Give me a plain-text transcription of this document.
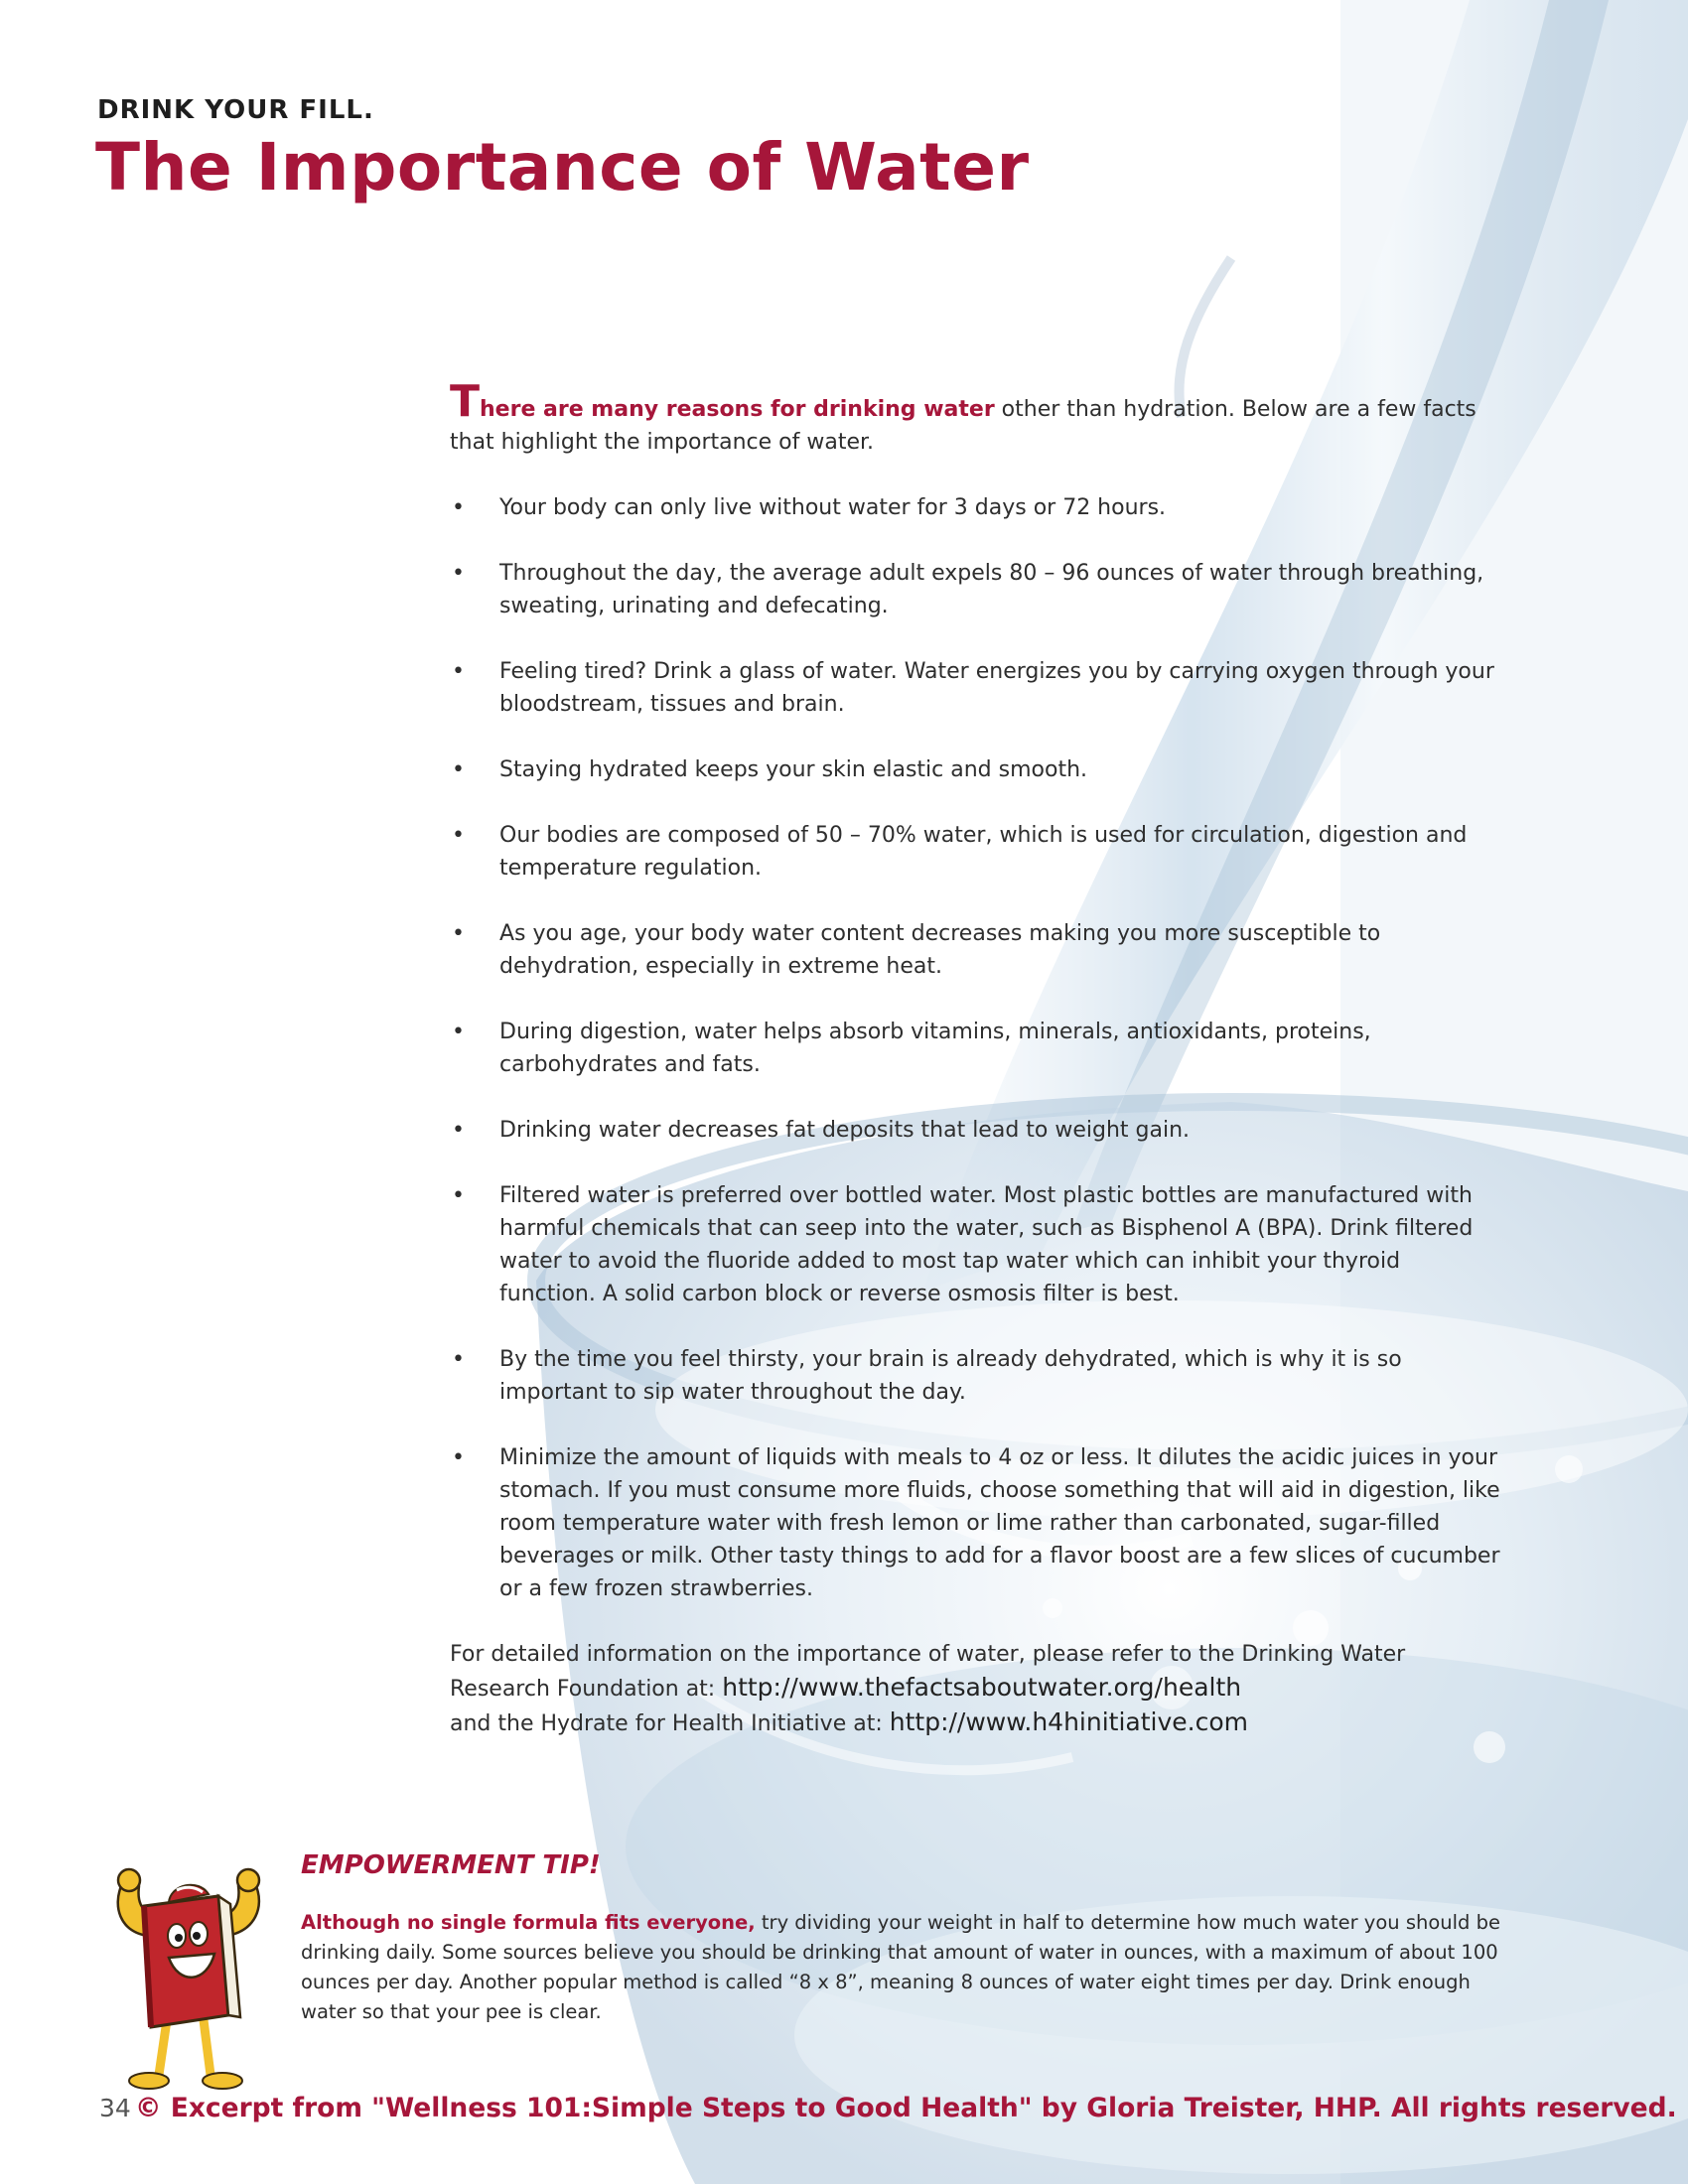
DRINK YOUR FILL.
The Importance of Water

There are many reasons for drinking water other than hydration. Below are a few facts that highlight the importance of water.

• Your body can only live without water for 3 days or 72 hours.
• Throughout the day, the average adult expels 80 – 96 ounces of water through breathing, sweating, urinating and defecating.
• Feeling tired? Drink a glass of water. Water energizes you by carrying oxygen through your bloodstream, tissues and brain.
• Staying hydrated keeps your skin elastic and smooth.
• Our bodies are composed of 50 – 70% water, which is used for circulation, digestion and temperature regulation.
• As you age, your body water content decreases making you more susceptible to dehydration, especially in extreme heat.
• During digestion, water helps absorb vitamins, minerals, antioxidants, proteins, carbohydrates and fats.
• Drinking water decreases fat deposits that lead to weight gain.
• Filtered water is preferred over bottled water. Most plastic bottles are manufactured with harmful chemicals that can seep into the water, such as Bisphenol A (BPA). Drink filtered water to avoid the fluoride added to most tap water which can inhibit your thyroid function. A solid carbon block or reverse osmosis filter is best.
• By the time you feel thirsty, your brain is already dehydrated, which is why it is so important to sip water throughout the day.
• Minimize the amount of liquids with meals to 4 oz or less. It dilutes the acidic juices in your stomach. If you must consume more fluids, choose something that will aid in digestion, like room temperature water with fresh lemon or lime rather than carbonated, sugar-filled beverages or milk. Other tasty things to add for a flavor boost are a few slices of cucumber or a few frozen strawberries.

For detailed information on the importance of water, please refer to the Drinking Water Research Foundation at: http://www.thefactsaboutwater.org/health
and the Hydrate for Health Initiative at: http://www.h4hinitiative.com

EMPOWERMENT TIP!

Although no single formula fits everyone, try dividing your weight in half to determine how much water you should be drinking daily. Some sources believe you should be drinking that amount of water in ounces, with a maximum of about 100 ounces per day. Another popular method is called “8 x 8”, meaning 8 ounces of water eight times per day. Drink enough water so that your pee is clear.

34 © Excerpt from "Wellness 101:Simple Steps to Good Health" by Gloria Treister, HHP. All rights reserved.
